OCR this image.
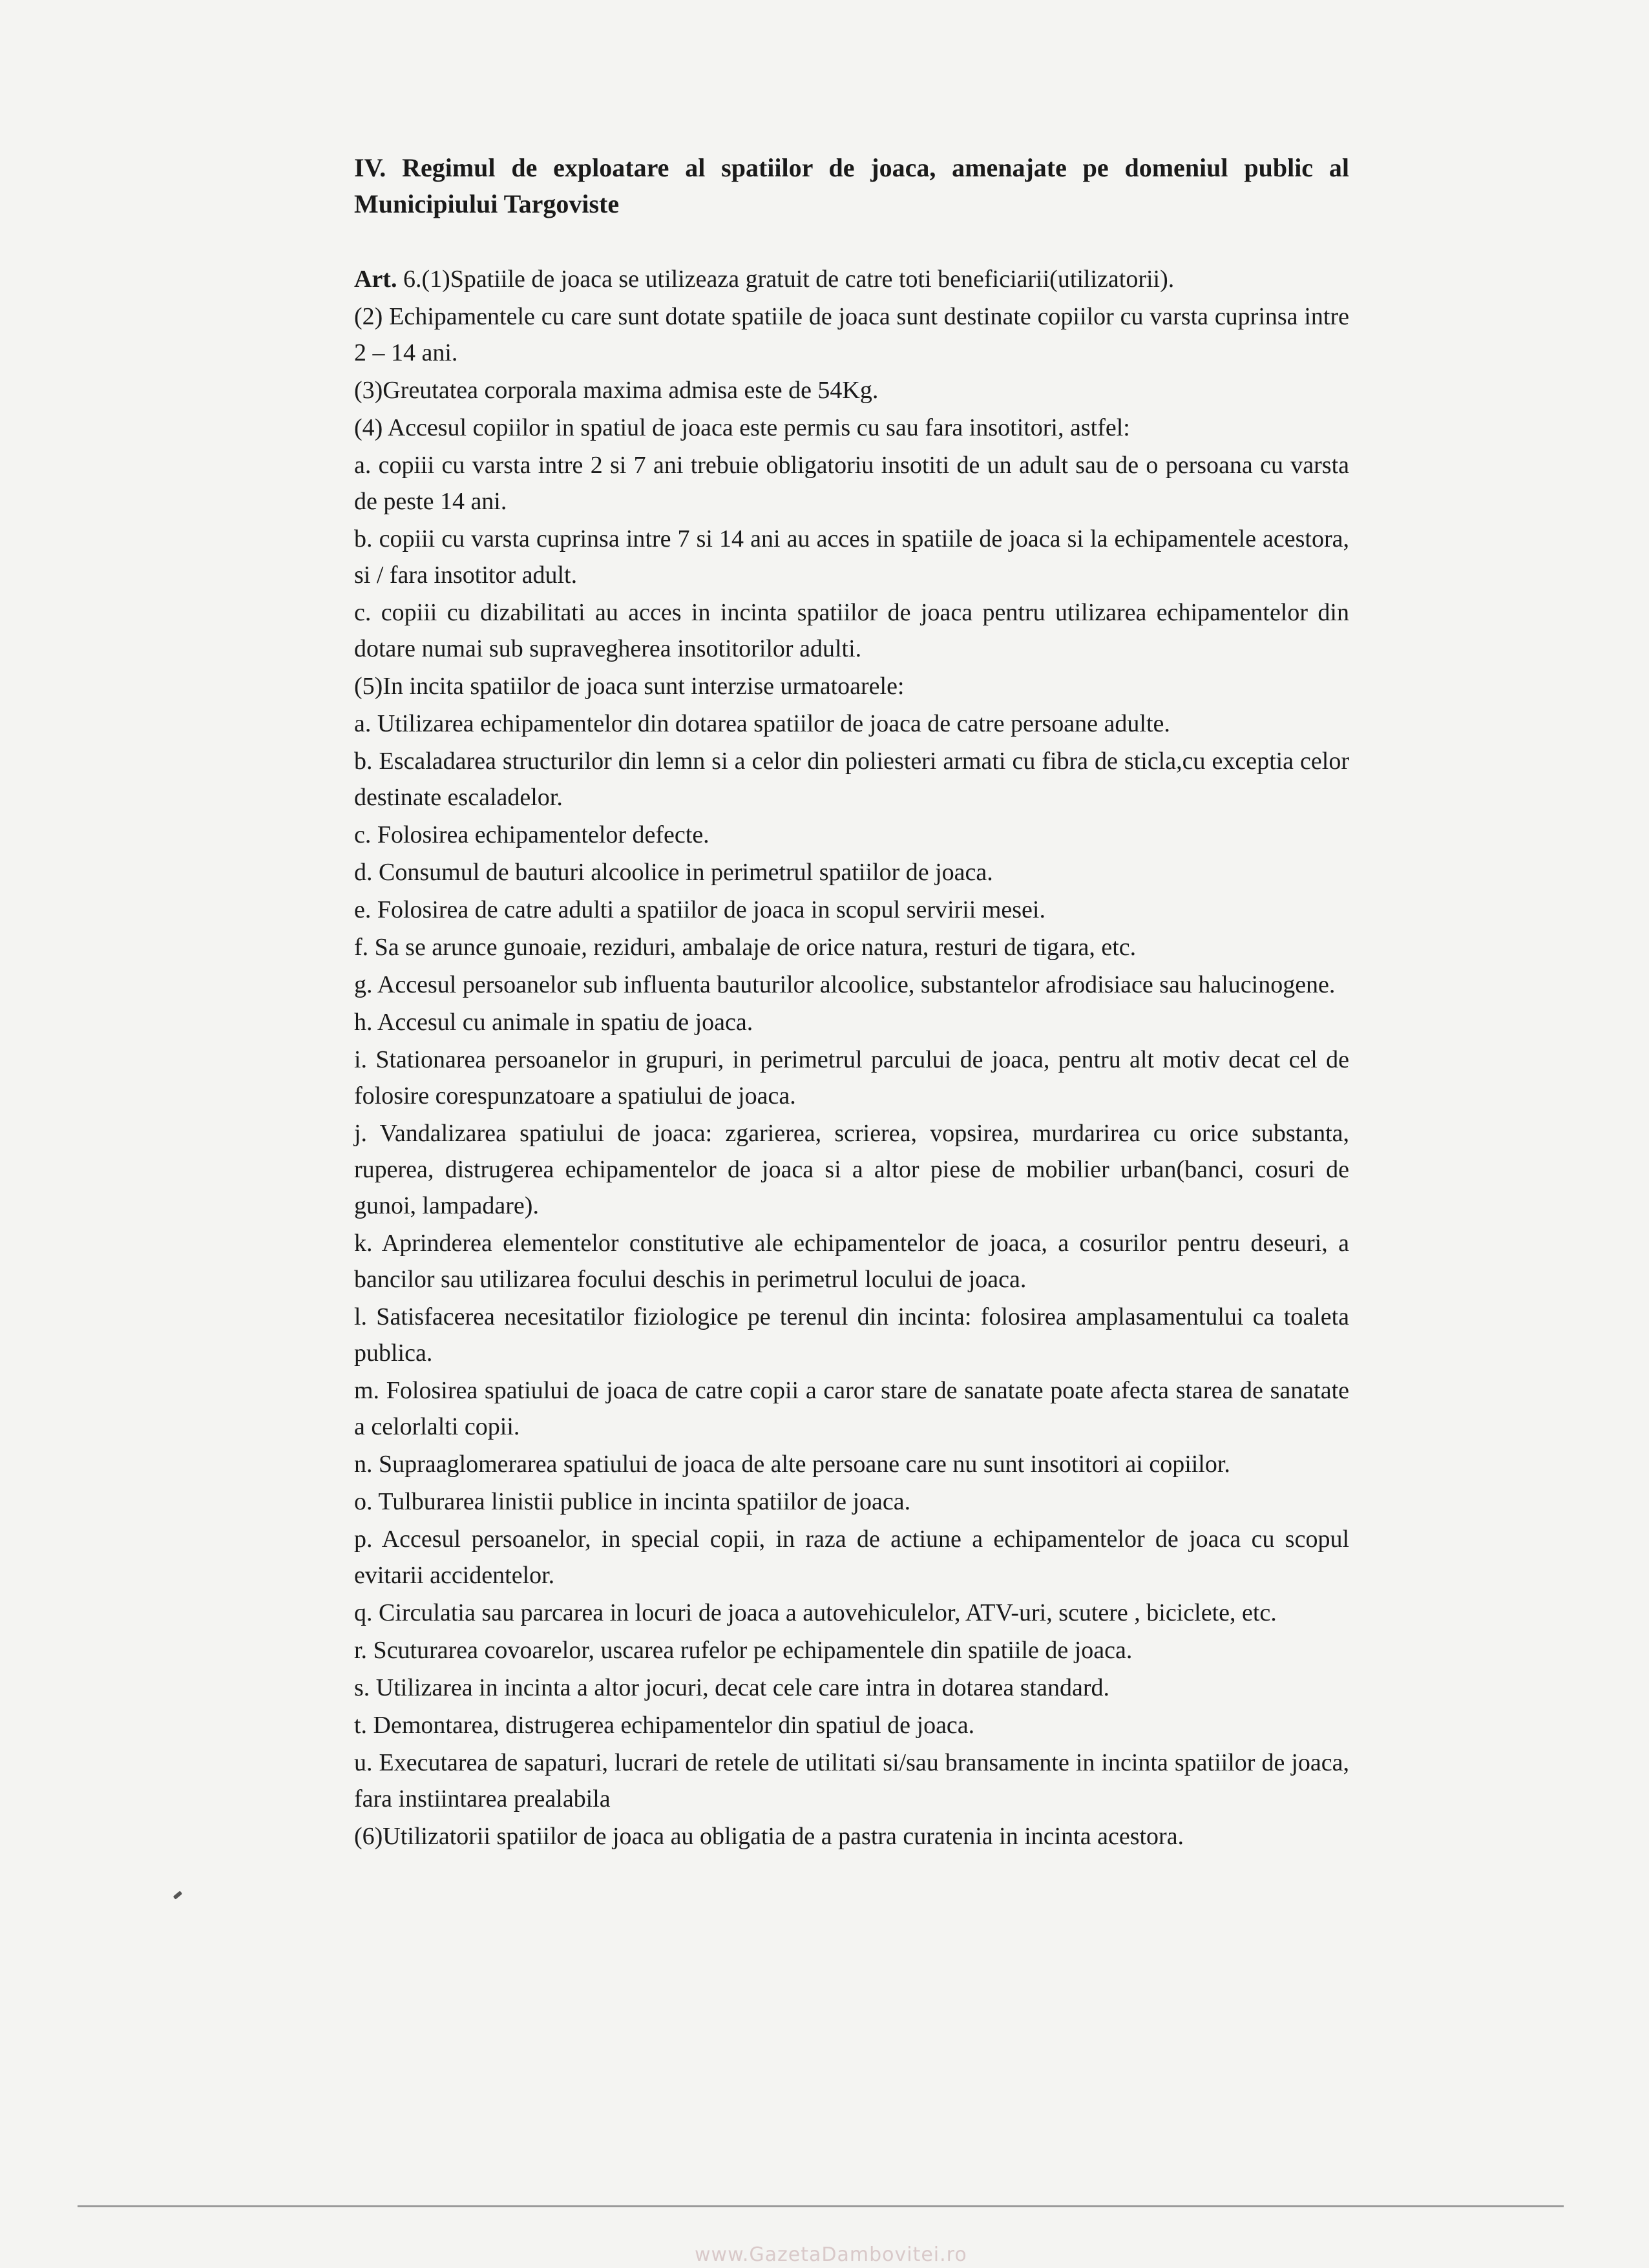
IV. Regimul de exploatare al spatiilor de joaca, amenajate pe domeniul public al Municipiului Targoviste

Art. 6.(1)Spatiile de joaca se utilizeaza gratuit de catre toti beneficiarii(utilizatorii).

(2) Echipamentele cu care sunt dotate spatiile de joaca sunt destinate copiilor cu varsta cuprinsa intre 2 – 14 ani.

(3)Greutatea corporala maxima admisa este de 54Kg.

(4) Accesul copiilor in spatiul de joaca este permis cu sau fara insotitori, astfel:

a. copiii cu varsta intre 2 si 7 ani trebuie obligatoriu insotiti de un adult sau de o persoana cu varsta de peste 14 ani.

b. copiii cu varsta cuprinsa intre 7 si 14 ani au acces in spatiile de joaca si la echipamentele acestora, si / fara insotitor adult.

c. copiii cu dizabilitati au acces in incinta spatiilor de joaca pentru utilizarea echipamentelor din dotare numai sub supravegherea insotitorilor adulti.

(5)In incita spatiilor de joaca sunt interzise urmatoarele:

a. Utilizarea echipamentelor din dotarea spatiilor de joaca de catre persoane adulte.

b. Escaladarea structurilor din lemn si a celor din poliesteri armati cu fibra de sticla,cu exceptia celor destinate escaladelor.

c. Folosirea echipamentelor defecte.

d. Consumul de bauturi alcoolice in perimetrul spatiilor de joaca.

e. Folosirea de catre adulti a spatiilor de joaca in scopul servirii mesei.

f. Sa se arunce gunoaie, reziduri, ambalaje de orice natura, resturi de tigara, etc.

g. Accesul persoanelor sub influenta bauturilor alcoolice, substantelor afrodisiace sau halucinogene.

h. Accesul cu animale in spatiu de joaca.

i. Stationarea persoanelor in grupuri, in perimetrul parcului de joaca, pentru alt motiv decat cel de folosire corespunzatoare a spatiului de joaca.

j. Vandalizarea spatiului de joaca: zgarierea, scrierea, vopsirea, murdarirea cu orice substanta, ruperea, distrugerea echipamentelor de joaca si a altor piese de mobilier urban(banci, cosuri de gunoi, lampadare).

k. Aprinderea elementelor constitutive ale echipamentelor de joaca, a cosurilor pentru deseuri, a bancilor sau utilizarea focului deschis in perimetrul locului de joaca.

l. Satisfacerea necesitatilor fiziologice pe terenul din incinta: folosirea amplasamentului ca toaleta publica.

m. Folosirea spatiului de joaca de catre copii a caror stare de sanatate poate afecta starea de sanatate a celorlalti copii.

n. Supraaglomerarea spatiului de joaca de alte persoane care nu sunt insotitori ai copiilor.

o. Tulburarea linistii publice in incinta spatiilor de joaca.

p. Accesul persoanelor, in special copii, in raza de actiune a echipamentelor de joaca cu scopul evitarii accidentelor.

q. Circulatia sau parcarea in locuri de joaca a autovehiculelor, ATV-uri, scutere , biciclete, etc.

r. Scuturarea covoarelor, uscarea rufelor pe echipamentele din spatiile de joaca.

s. Utilizarea in incinta a altor jocuri, decat cele care intra in dotarea standard.

t. Demontarea, distrugerea echipamentelor din spatiul de joaca.

u. Executarea de sapaturi, lucrari de retele de utilitati si/sau bransamente in incinta spatiilor de joaca, fara instiintarea prealabila

(6)Utilizatorii spatiilor de joaca au obligatia de a pastra curatenia in incinta acestora.

www.GazetaDambovitei.ro
